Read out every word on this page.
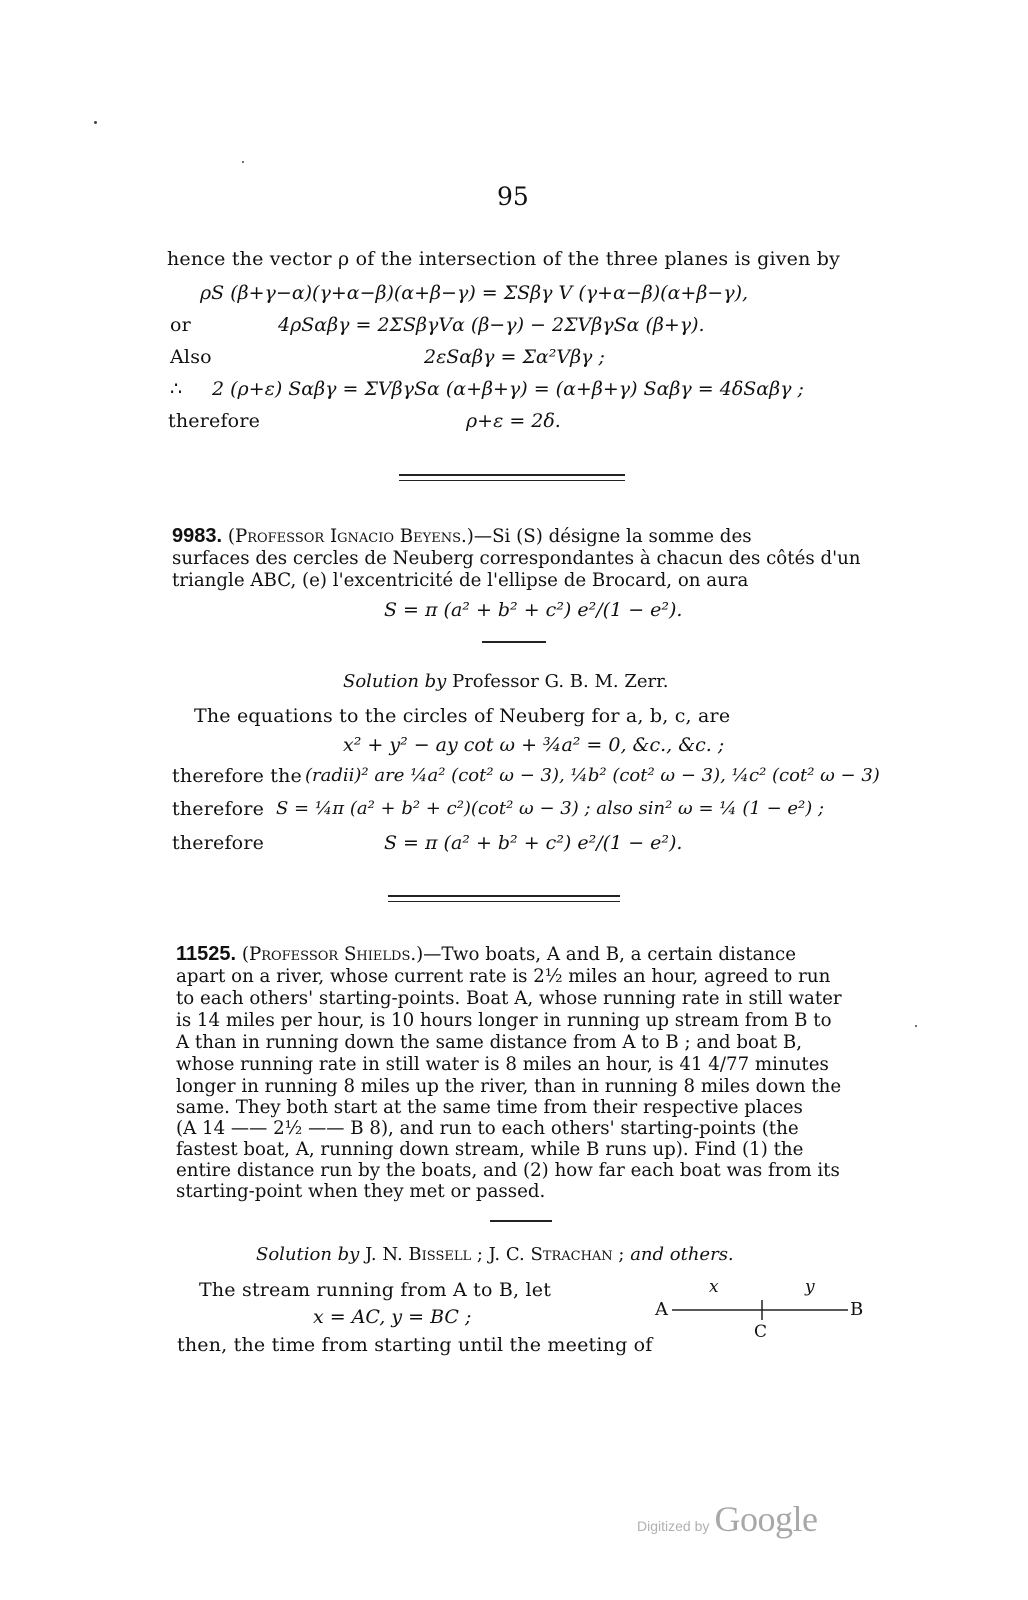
95
hence the vector ρ of the intersection of the three planes is given by
ρS (β+γ−α)(γ+α−β)(α+β−γ) = ΣSβγ V (γ+α−β)(α+β−γ),
or	4ρSαβγ = 2ΣSβγVα (β−γ) − 2ΣVβγSα (β+γ).
Also	2εSαβγ = Σα²Vβγ ;
∴ 2 (ρ+ε) Sαβγ = ΣVβγSα (α+β+γ) = (α+β+γ) Sαβγ = 4δSαβγ ;
therefore	ρ+ε = 2δ.
9983. (Professor Ignacio Beyens.)—Si (S) désigne la somme des
surfaces des cercles de Neuberg correspondantes à chacun des côtés d'un
triangle ABC, (e) l'excentricité de l'ellipse de Brocard, on aura
S = π (a² + b² + c²) e²/(1 − e²).
Solution by Professor G. B. M. Zerr.
The equations to the circles of Neuberg for a, b, c, are
x² + y² − ay cot ω + ¾a² = 0, &c., &c. ;
therefore the (radii)² are ¼a² (cot² ω − 3), ¼b² (cot² ω − 3), ¼c² (cot² ω − 3)
therefore S = ¼π (a² + b² + c²)(cot² ω − 3) ; also sin² ω = ¼ (1 − e²) ;
therefore	S = π (a² + b² + c²) e²/(1 − e²).
11525. (Professor Shields.)—Two boats, A and B, a certain distance
apart on a river, whose current rate is 2½ miles an hour, agreed to run
to each others' starting-points. Boat A, whose running rate in still water
is 14 miles per hour, is 10 hours longer in running up stream from B to
A than in running down the same distance from A to B ; and boat B,
whose running rate in still water is 8 miles an hour, is 41 4/77 minutes
longer in running 8 miles up the river, than in running 8 miles down the
same. They both start at the same time from their respective places
(A 14 —— 2½ —— B 8), and run to each others' starting-points (the
fastest boat, A, running down stream, while B runs up). Find (1) the
entire distance run by the boats, and (2) how far each boat was from its
starting-point when they met or passed.
Solution by J. N. Bissell ; J. C. Strachan ; and others.
The stream running from A to B, let
x = AC, y = BC ;
then, the time from starting until the meeting of
A	B
C
x	y
Digitized by Google
